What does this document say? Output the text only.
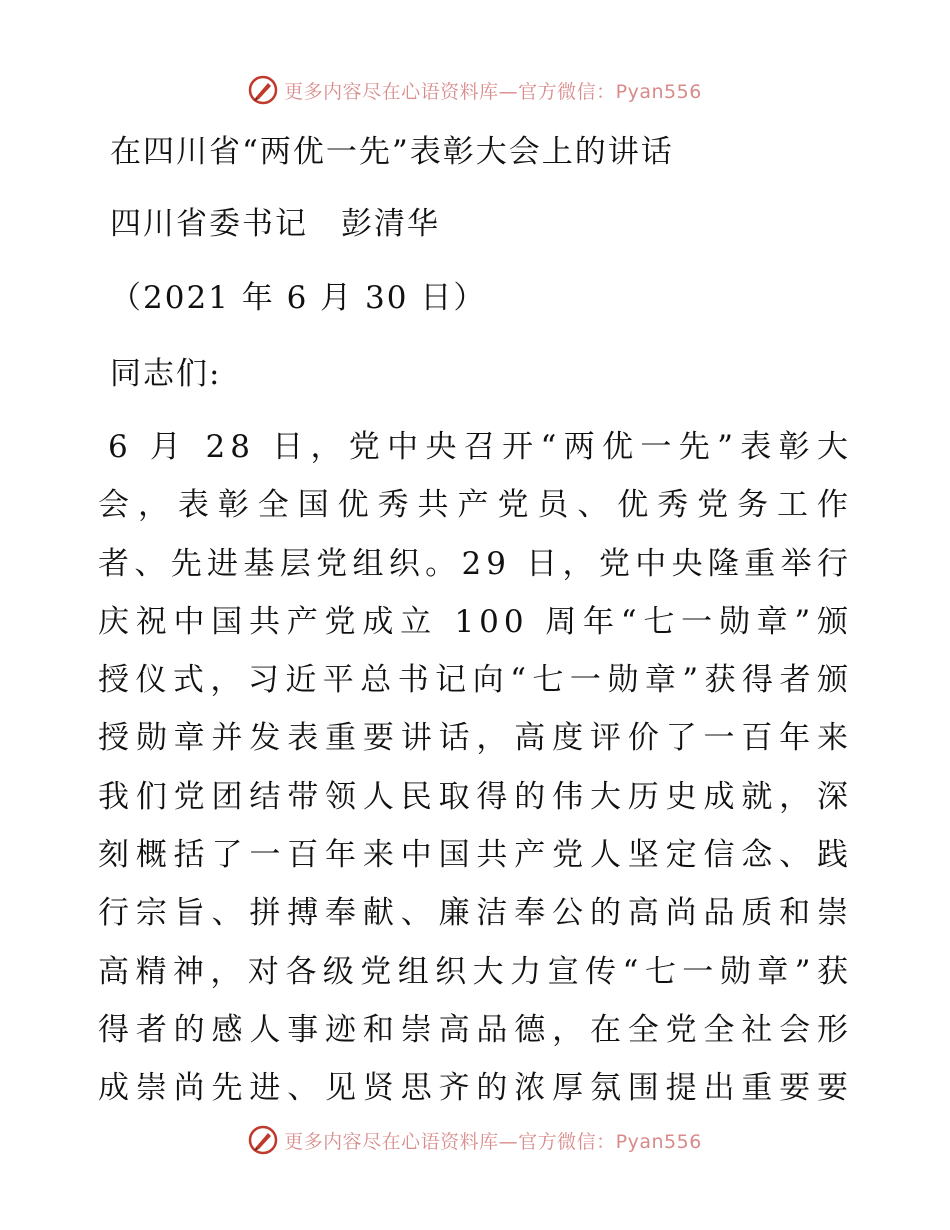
更多内容尽在心语资料库—官方微信：Pyan556
在四川省“两优一先”表彰大会上的讲话
四川省委书记　彭清华
（2021 年 6 月 30 日）
同志们:
6 月 28 日，党中央召开“两优一先”表彰大会，表彰全国优秀共产党员、优秀党务工作者、先进基层党组织。29 日，党中央隆重举行庆祝中国共产党成立 100 周年“七一勋章”颁授仪式，习近平总书记向“七一勋章”获得者颁授勋章并发表重要讲话，高度评价了一百年来我们党团结带领人民取得的伟大历史成就，深刻概括了一百年来中国共产党人坚定信念、践行宗旨、拼搏奉献、廉洁奉公的高尚品质和崇高精神，对各级党组织大力宣传“七一勋章”获得者的感人事迹和崇高品德，在全党全社会形成崇尚先进、见贤思齐的浓厚氛围提出重要要
更多内容尽在心语资料库—官方微信：Pyan556
